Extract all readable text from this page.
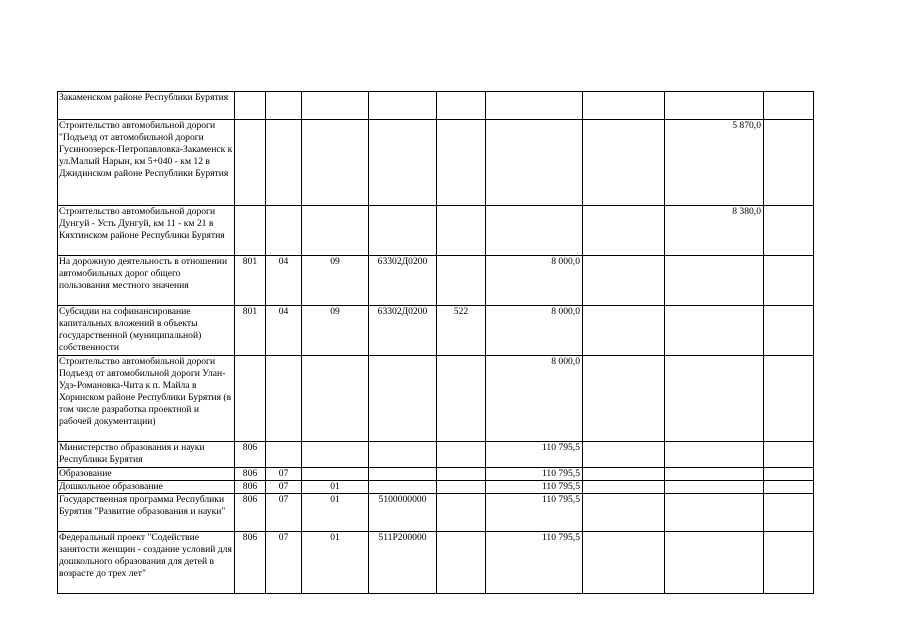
Закаменском районе Республики Бурятия									
Строительство автомобильной дороги "Подъезд от автомобильной дороги Гусиноозерск-Петропавловка-Закаменск к ул.Малый Нарын, км 5+040 - км 12 в Джидинском районе Республики Бурятия								5 870,0	
Строительство автомобильной дороги Дунгуй - Усть Дунгуй, км 11 - км 21 в Кяхтинском районе Республики Бурятия								8 380,0	
На дорожную деятельность в отношении автомобильных дорог общего пользования местного значения	801	04	09	63302Д0200		8 000,0			
Субсидии на софинансирование капитальных вложений в объекты государственной (муниципальной) собственности	801	04	09	63302Д0200	522	8 000,0			
Строительство автомобильной дороги Подъезд от автомобильной дороги Улан-Удэ-Романовка-Чита к п. Майла в Хоринском районе Республики Бурятия (в том числе разработка проектной и рабочей документации)						8 000,0			
Министерство образования и науки Республики Бурятия	806					110 795,5			
Образование	806	07				110 795,5			
Дошкольное образование	806	07	01			110 795,5			
Государственная программа Республики Бурятия "Развитие образования и науки"	806	07	01	5100000000		110 795,5			
Федеральный проект "Содействие занятости женщин - создание условий для дошкольного образования для детей в возрасте до трех лет"	806	07	01	511P200000		110 795,5			
